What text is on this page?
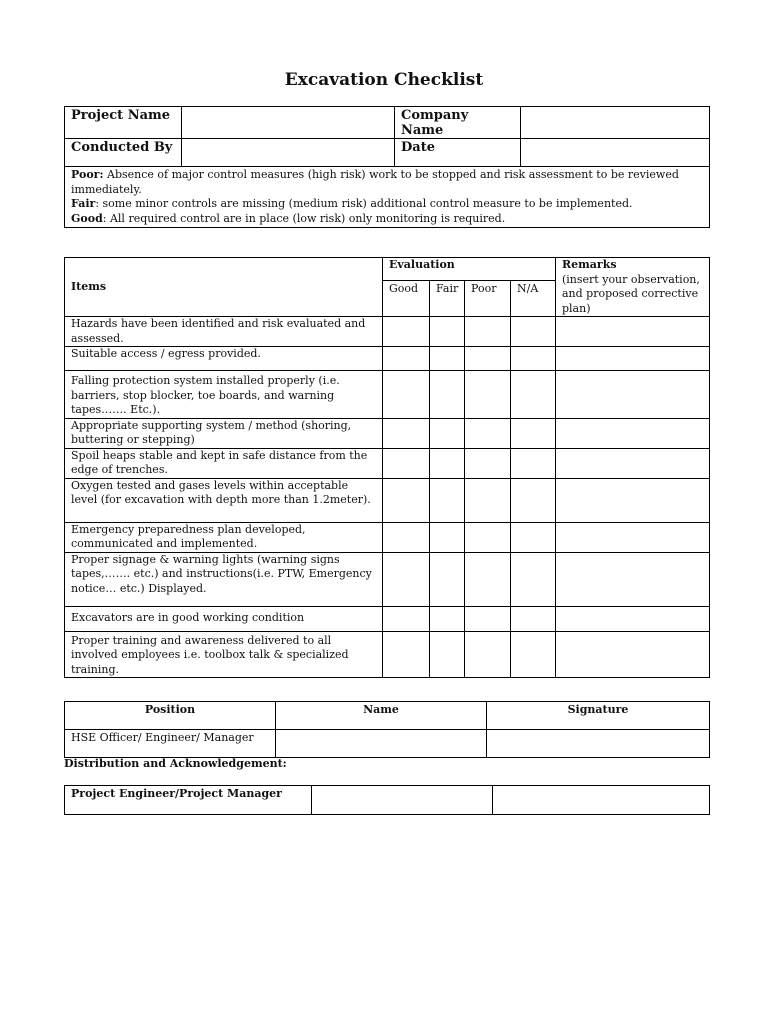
Excavation Checklist
Project Name		Company Name	
Conducted By		Date	
Poor: Absence of major control measures (high risk) work to be stopped and risk assessment to be reviewed immediately.
Fair: some minor controls are missing (medium risk) additional control measure to be implemented.
Good: All required control are in place (low risk) only monitoring is required.			
Items	Evaluation				Remarks
(insert your observation, and proposed corrective plan)

	Good	Fair	Poor	N/A	
Hazards have been identified and risk evaluated and assessed.					
Suitable access / egress provided.					
Falling protection system installed properly (i.e. barriers, stop blocker, toe boards, and warning tapes……. Etc.).					
Appropriate supporting system / method (shoring, buttering or stepping)					
Spoil heaps stable and kept in safe distance from the edge of trenches.					
Oxygen tested and gases levels within acceptable level (for excavation with depth more than 1.2meter).					
Emergency preparedness plan developed, communicated and implemented.					
Proper signage & warning lights (warning signs tapes,……. etc.) and instructions(i.e. PTW, Emergency notice… etc.) Displayed.					
Excavators are in good working condition					
Proper training and awareness delivered to all involved employees i.e. toolbox talk & specialized training.					
Position	Name	Signature
HSE Officer/ Engineer/ Manager		

Distribution and Acknowledgement:

Project Engineer/Project Manager		
